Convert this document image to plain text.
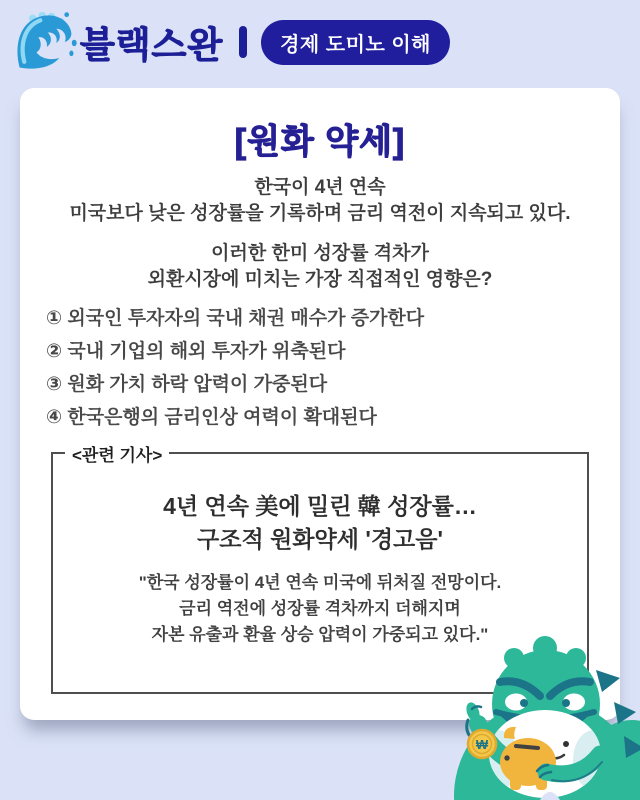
블랙스완	경제 도미노 이해
[원화 약세]

한국이 4년 연속
미국보다 낮은 성장률을 기록하며 금리 역전이 지속되고 있다.

이러한 한미 성장률 격차가
외환시장에 미치는 가장 직접적인 영향은?

① 외국인 투자자의 국내 채권 매수가 증가한다
② 국내 기업의 해외 투자가 위축된다
③ 원화 가치 하락 압력이 가중된다
④ 한국은행의 금리인상 여력이 확대된다
<관련 기사>
4년 연속 美에 밀린 韓 성장률…
구조적 원화약세 '경고음'
"한국 성장률이 4년 연속 미국에 뒤처질 전망이다.
금리 역전에 성장률 격차까지 더해지며
자본 유출과 환율 상승 압력이 가중되고 있다."
₩
